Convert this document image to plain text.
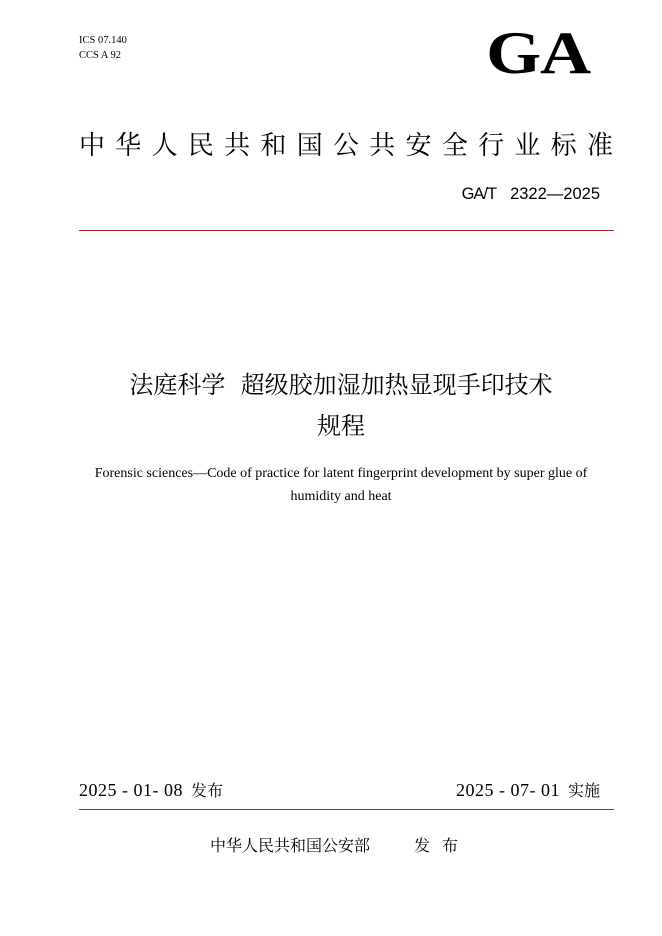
ICS 07.140
CCS A 92	GA
中 华 人 民 共 和 国 公 共 安 全 行 业 标 准
GA/T 2322—2025
法庭科学  超级胶加湿加热显现手印技术
规程
Forensic sciences—Code of practice for latent fingerprint development by super glue of humidity and heat
2025 - 01- 08 发布	2025 - 07- 01 实施
中华人民共和国公安部	发布
